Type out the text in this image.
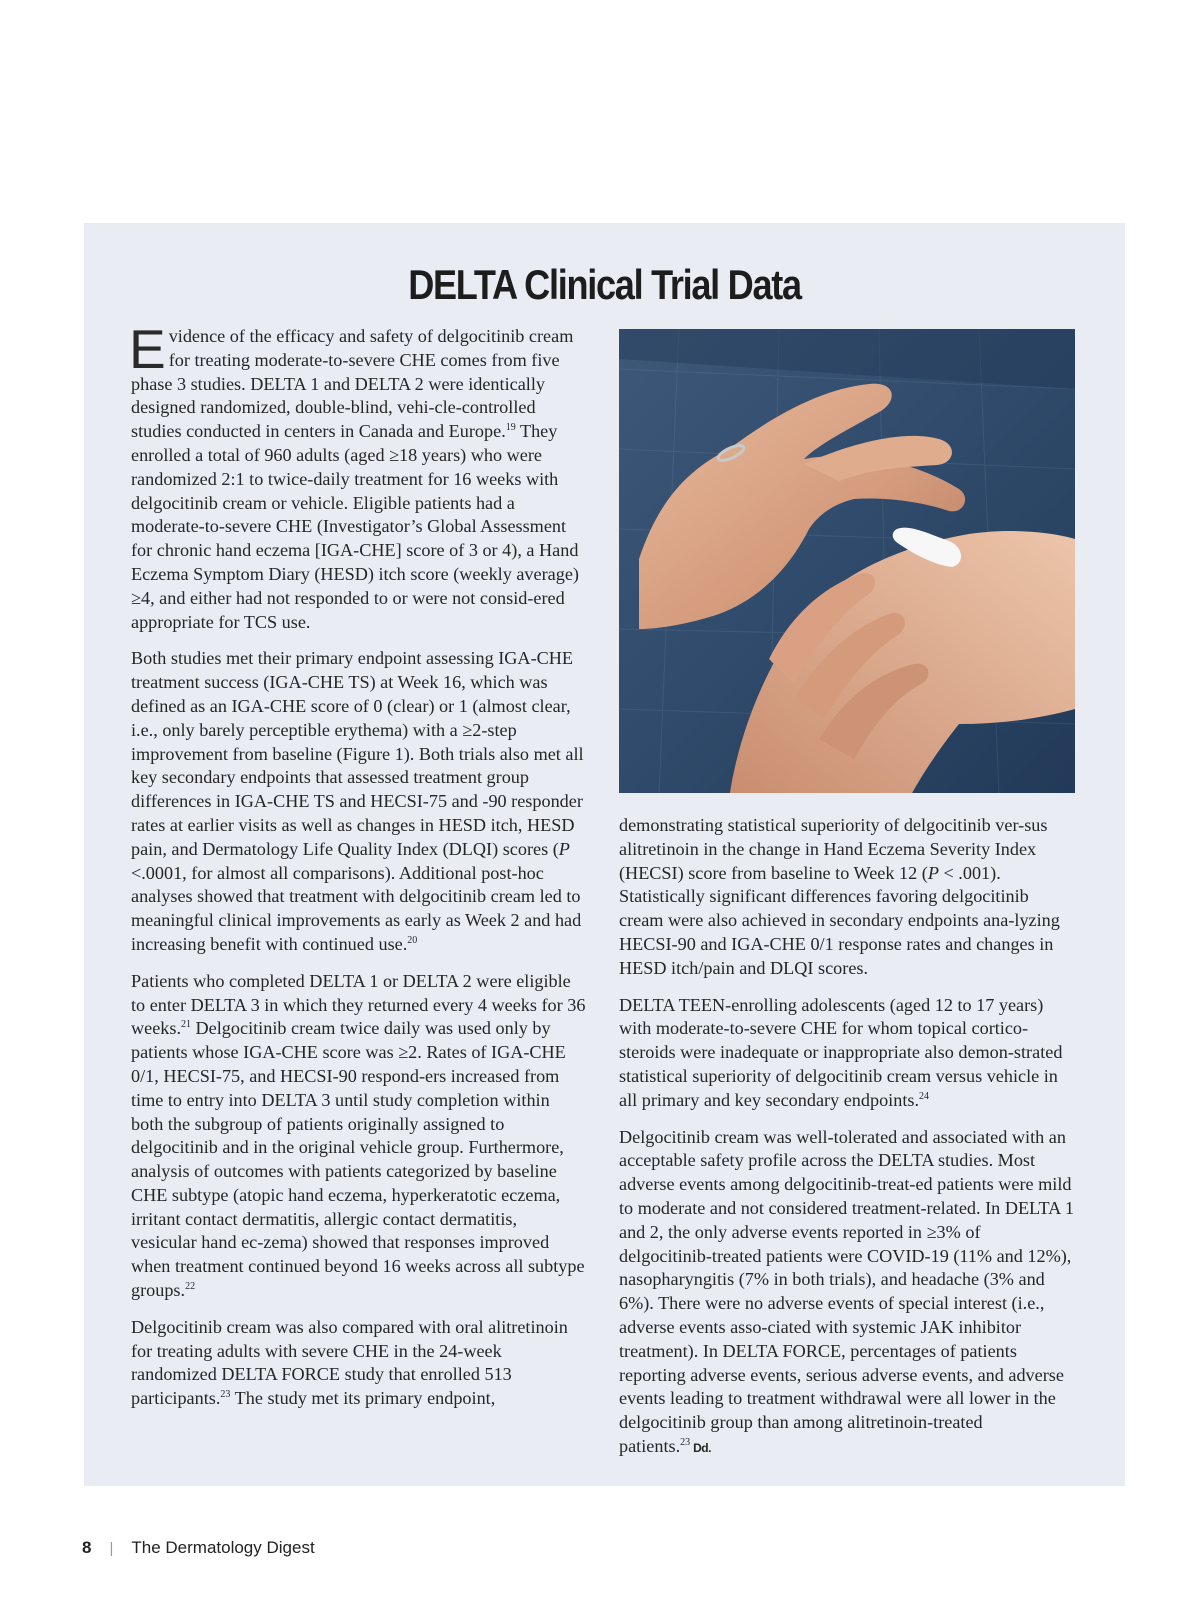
DELTA Clinical Trial Data

Evidence of the efficacy and safety of delgocitinib cream for treating moderate-to-severe CHE comes from five phase 3 studies. DELTA 1 and DELTA 2 were identically designed randomized, double-blind, vehi-cle-controlled studies conducted in centers in Canada and Europe.$^{19}$ They enrolled a total of 960 adults (aged ≥18 years) who were randomized 2:1 to twice-daily treatment for 16 weeks with delgocitinib cream or vehicle. Eligible patients had a moderate-to-severe CHE (Investigator’s Global Assessment for chronic hand eczema [IGA-CHE] score of 3 or 4), a Hand Eczema Symptom Diary (HESD) itch score (weekly average) ≥4, and either had not responded to or were not consid-ered appropriate for TCS use.

Both studies met their primary endpoint assessing IGA-CHE treatment success (IGA-CHE TS) at Week 16, which was defined as an IGA-CHE score of 0 (clear) or 1 (almost clear, i.e., only barely perceptible erythema) with a ≥2-step improvement from baseline (Figure 1). Both trials also met all key secondary endpoints that assessed treatment group differences in IGA-CHE TS and HECSI-75 and -90 responder rates at earlier visits as well as changes in HESD itch, HESD pain, and Dermatology Life Quality Index (DLQI) scores (P <.0001, for almost all comparisons). Additional post-hoc analyses showed that treatment with delgocitinib cream led to meaningful clinical improvements as early as Week 2 and had increasing benefit with continued use.$^{20}$

Patients who completed DELTA 1 or DELTA 2 were eligible to enter DELTA 3 in which they returned every 4 weeks for 36 weeks.$^{21}$ Delgocitinib cream twice daily was used only by patients whose IGA-CHE score was ≥2. Rates of IGA-CHE 0/1, HECSI-75, and HECSI-90 respond-ers increased from time to entry into DELTA 3 until study completion within both the subgroup of patients originally assigned to delgocitinib and in the original vehicle group. Furthermore, analysis of outcomes with patients categorized by baseline CHE subtype (atopic hand eczema, hyperkeratotic eczema, irritant contact dermatitis, allergic contact dermatitis, vesicular hand ec-zema) showed that responses improved when treatment continued beyond 16 weeks across all subtype groups.$^{22}$

Delgocitinib cream was also compared with oral alitretinoin for treating adults with severe CHE in the 24-week randomized DELTA FORCE study that enrolled 513 participants.$^{23}$ The study met its primary endpoint,

demonstrating statistical superiority of delgocitinib ver-sus alitretinoin in the change in Hand Eczema Severity Index (HECSI) score from baseline to Week 12 (P < .001). Statistically significant differences favoring delgocitinib cream were also achieved in secondary endpoints ana-lyzing HECSI-90 and IGA-CHE 0/1 response rates and changes in HESD itch/pain and DLQI scores.

DELTA TEEN-enrolling adolescents (aged 12 to 17 years) with moderate-to-severe CHE for whom topical cortico-steroids were inadequate or inappropriate also demon-strated statistical superiority of delgocitinib cream versus vehicle in all primary and key secondary endpoints.$^{24}$

Delgocitinib cream was well-tolerated and associated with an acceptable safety profile across the DELTA studies. Most adverse events among delgocitinib-treat-ed patients were mild to moderate and not considered treatment-related. In DELTA 1 and 2, the only adverse events reported in ≥3% of delgocitinib-treated patients were COVID-19 (11% and 12%), nasopharyngitis (7% in both trials), and headache (3% and 6%). There were no adverse events of special interest (i.e., adverse events asso-ciated with systemic JAK inhibitor treatment). In DELTA FORCE, percentages of patients reporting adverse events, serious adverse events, and adverse events leading to treatment withdrawal were all lower in the delgocitinib group than among alitretinoin-treated patients.$^{23}$ Dd.

8 | The Dermatology Digest
